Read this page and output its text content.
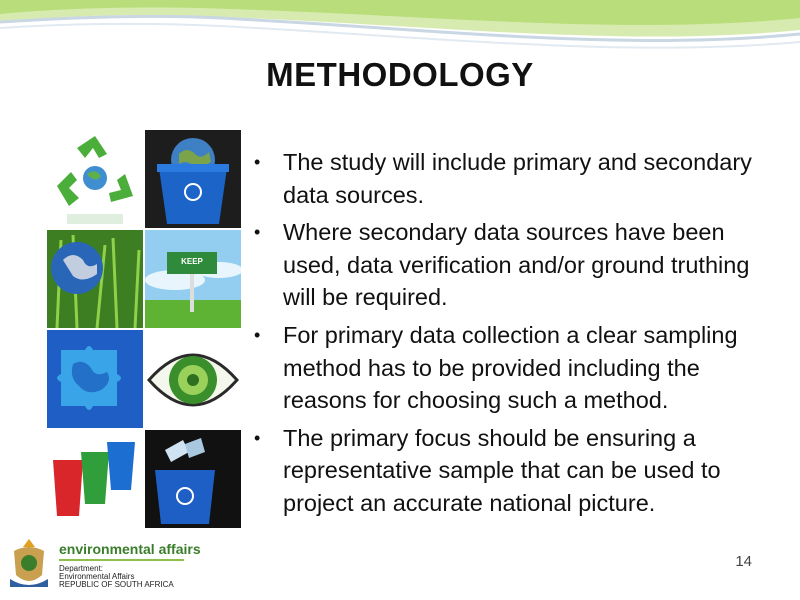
METHODOLOGY
KEEP
• The study will include primary and secondary data sources.
• Where secondary data sources have been used, data verification and/or ground truthing will be required.
• For primary data collection a clear sampling method has to be provided including the reasons for choosing such a method.
• The primary focus should be ensuring a representative sample that can be used to project an accurate national picture.
14
environmental affairs
Department:
Environmental Affairs
REPUBLIC OF SOUTH AFRICA
